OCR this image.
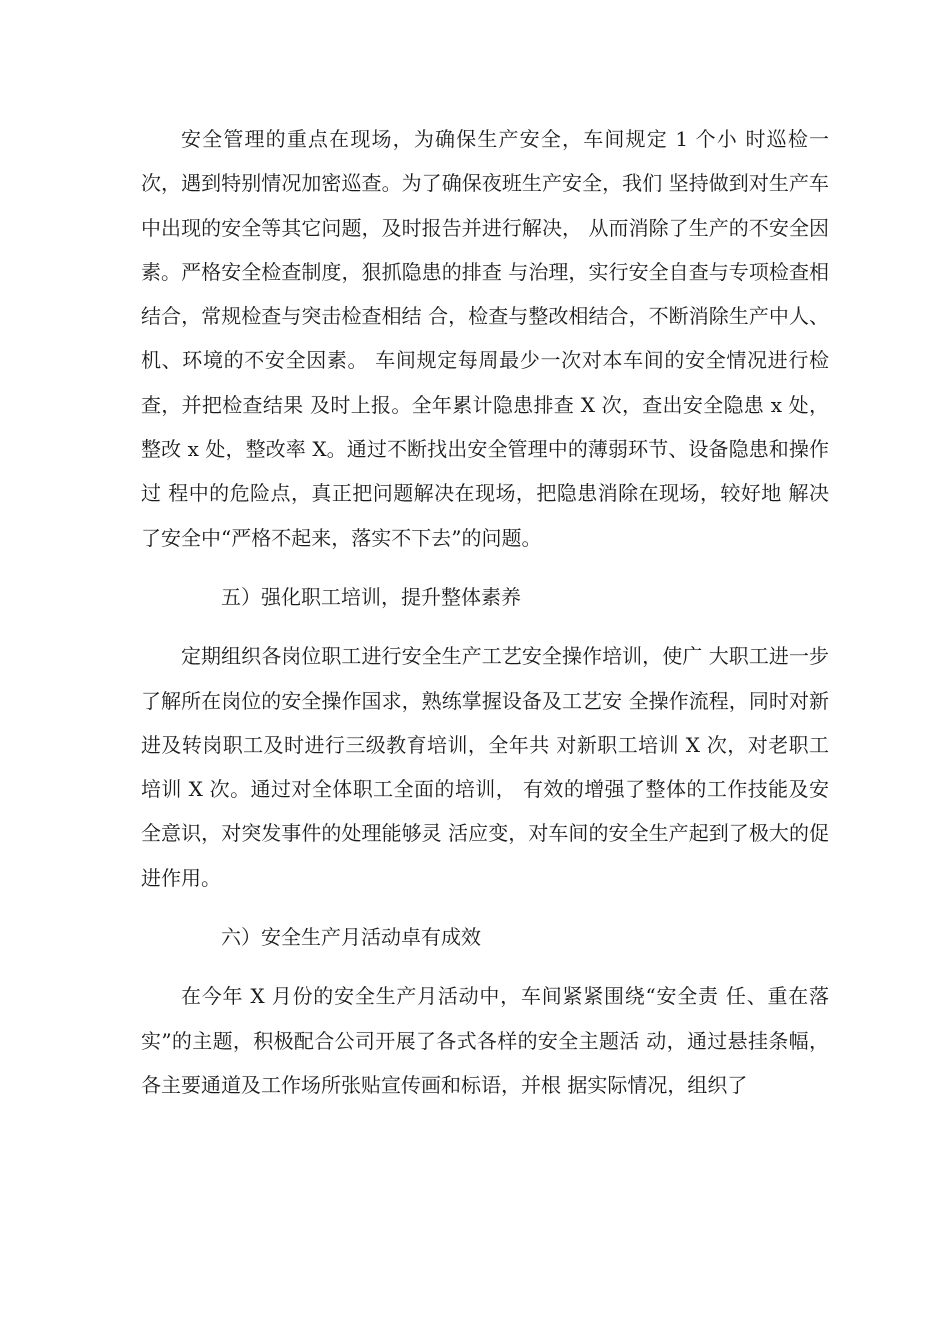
安全管理的重点在现场，为确保生产安全，车间规定 1 个小 时巡检一次，遇到特别情况加密巡查。为了确保夜班生产安全，我们 坚持做到对生产车中出现的安全等其它问题，及时报告并进行解决， 从而消除了生产的不安全因素。严格安全检查制度，狠抓隐患的排查 与治理，实行安全自查与专项检查相结合，常规检查与突击检查相结 合，检查与整改相结合，不断消除生产中人、机、环境的不安全因素。 车间规定每周最少一次对本车间的安全情况进行检查，并把检查结果 及时上报。全年累计隐患排查 X 次，查出安全隐患 x 处，整改 x 处，整改率 X。通过不断找出安全管理中的薄弱环节、设备隐患和操作过 程中的危险点，真正把问题解决在现场，把隐患消除在现场，较好地 解决了安全中“严格不起来，落实不下去”的问题。

五）强化职工培训，提升整体素养

定期组织各岗位职工进行安全生产工艺安全操作培训，使广 大职工进一步了解所在岗位的安全操作国求，熟练掌握设备及工艺安 全操作流程，同时对新进及转岗职工及时进行三级教育培训，全年共 对新职工培训 X 次，对老职工培训 X 次。通过对全体职工全面的培训， 有效的增强了整体的工作技能及安全意识，对突发事件的处理能够灵 活应变，对车间的安全生产起到了极大的促进作用。

六）安全生产月活动卓有成效

在今年 X 月份的安全生产月活动中，车间紧紧围绕“安全责 任、重在落实”的主题，积极配合公司开展了各式各样的安全主题活 动，通过悬挂条幅，各主要通道及工作场所张贴宣传画和标语，并根 据实际情况，组织了
